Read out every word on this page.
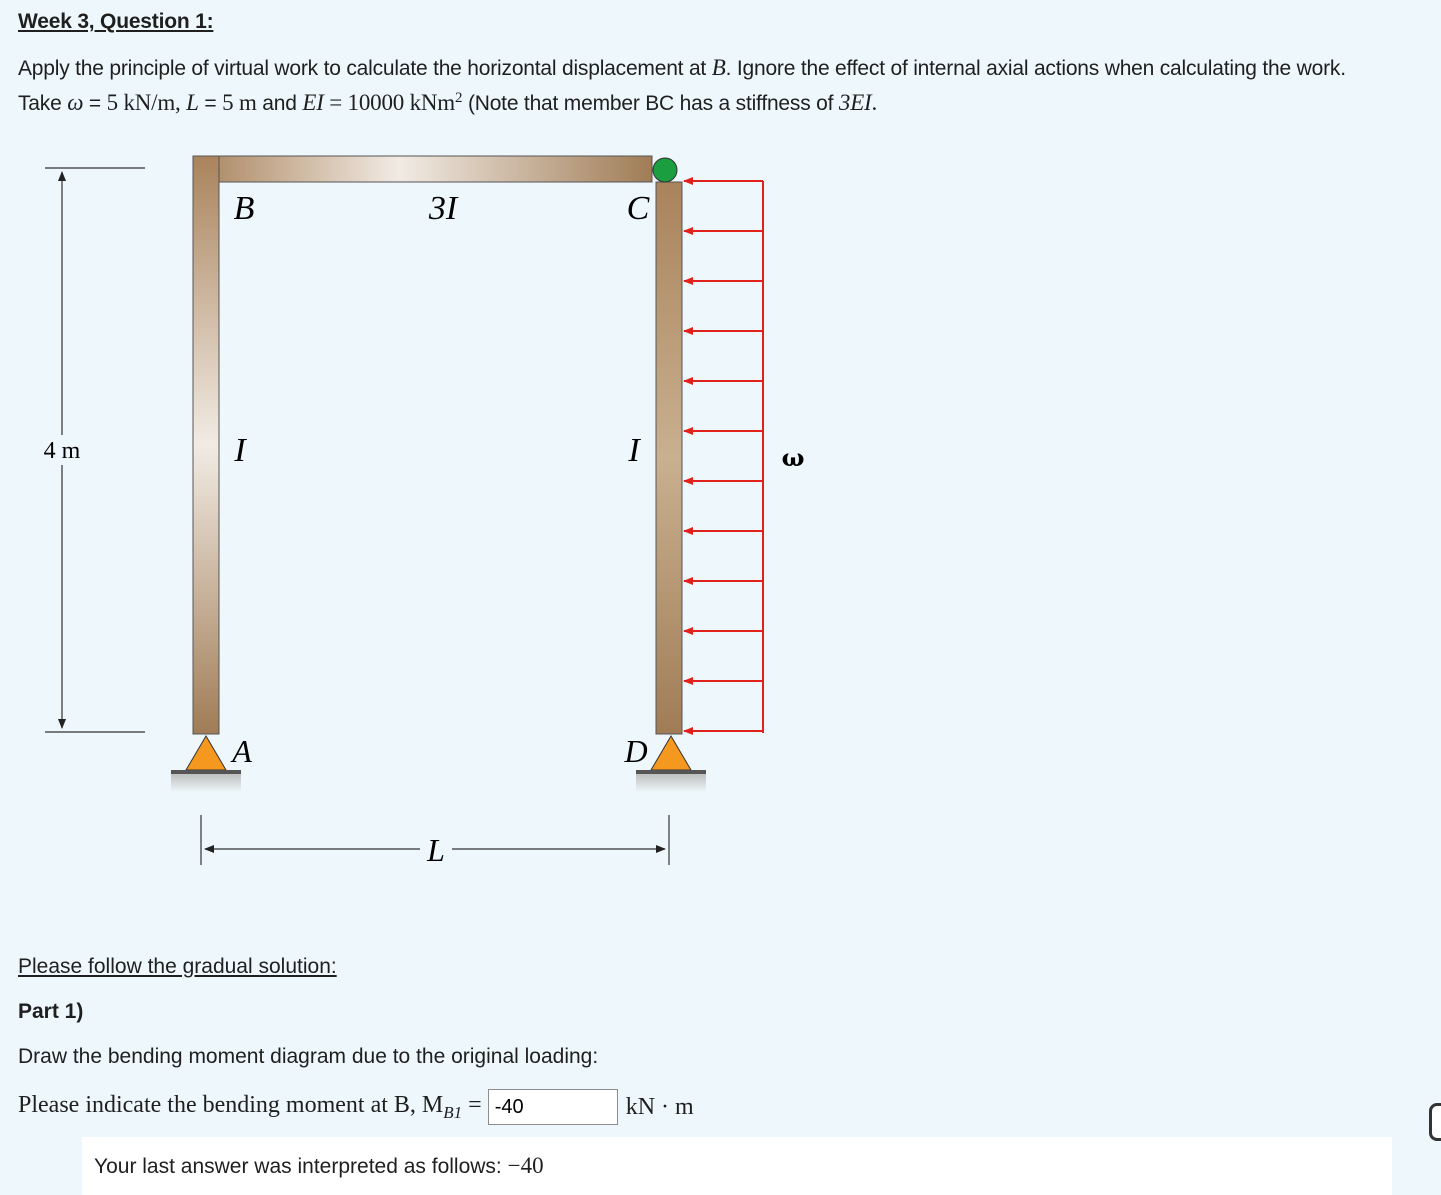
Week 3, Question 1:
Apply the principle of virtual work to calculate the horizontal displacement at B. Ignore the effect of internal axial actions when calculating the work.
Take ω = 5 kN/m, L = 5 m and EI = 10000 kNm$^2$ (Note that member BC has a stiffness of 3EI.
4 m	ω
B	3I	C
I	I
A	D
L
Please follow the gradual solution:
Part 1)
Draw the bending moment diagram due to the original loading:
Please indicate the bending moment at B, $M_{B1}$ =
-40	kN · m
Your last answer was interpreted as follows: −40
